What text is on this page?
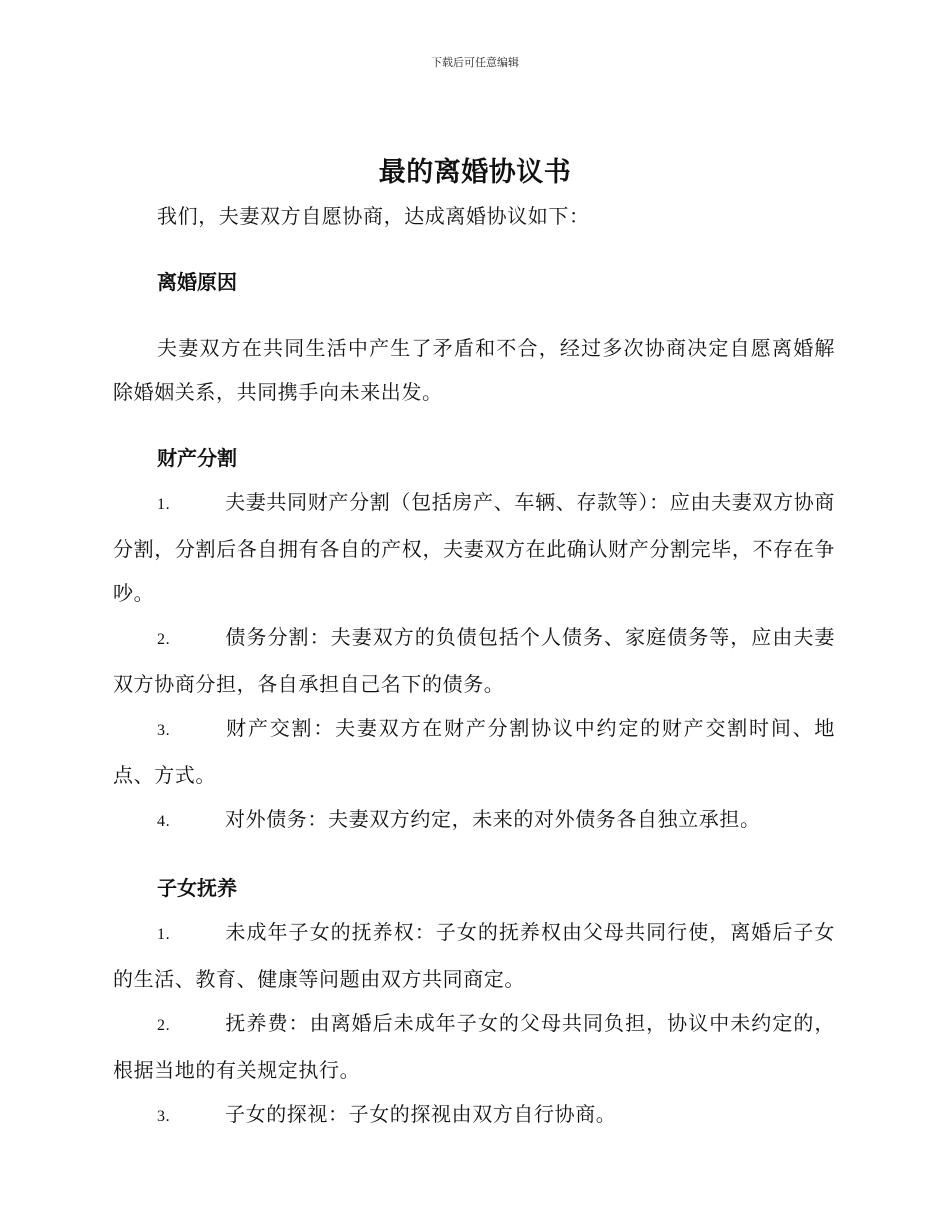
下载后可任意编辑
最的离婚协议书

我们，夫妻双方自愿协商，达成离婚协议如下：

离婚原因

夫妻双方在共同生活中产生了矛盾和不合，经过多次协商决定自愿离婚解除婚姻关系，共同携手向未来出发。

财产分割

1.	夫妻共同财产分割（包括房产、车辆、存款等）：应由夫妻双方协商分割，分割后各自拥有各自的产权，夫妻双方在此确认财产分割完毕，不存在争吵。

2.	债务分割：夫妻双方的负债包括个人债务、家庭债务等，应由夫妻双方协商分担，各自承担自己名下的债务。

3.	财产交割：夫妻双方在财产分割协议中约定的财产交割时间、地点、方式。

4.	对外债务：夫妻双方约定，未来的对外债务各自独立承担。

子女抚养

1.	未成年子女的抚养权：子女的抚养权由父母共同行使，离婚后子女的生活、教育、健康等问题由双方共同商定。

2.	抚养费：由离婚后未成年子女的父母共同负担，协议中未约定的，根据当地的有关规定执行。

3.	子女的探视：子女的探视由双方自行协商。
